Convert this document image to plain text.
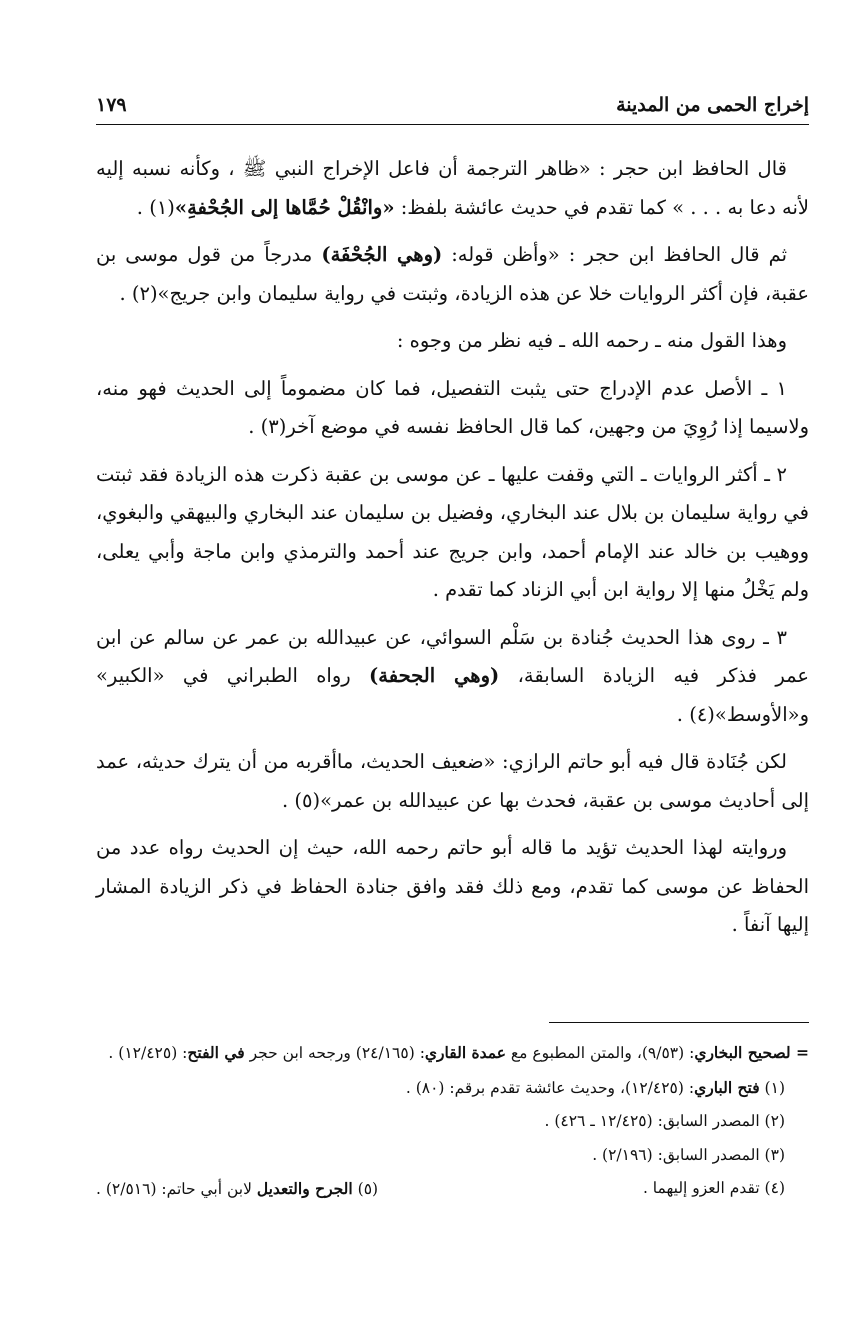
إخراج الحمى من المدينة
١٧٩

قال الحافظ ابن حجر : «ظاهر الترجمة أن فاعل الإخراج النبي ﷺ ، وكأنه نسبه إليه لأنه دعا به . . . » كما تقدم في حديث عائشة بلفظ: «وانْقُلْ حُمَّاها إلى الجُحْفةِ»(١) .

ثم قال الحافظ ابن حجر : «وأظن قوله: (وهي الجُحْفَة) مدرجاً من قول موسى بن عقبة، فإن أكثر الروايات خلا عن هذه الزيادة، وثبتت في رواية سليمان وابن جريج»(٢) .

وهذا القول منه ـ رحمه الله ـ فيه نظر من وجوه :

١ ـ الأصل عدم الإدراج حتى يثبت التفصيل، فما كان مضموماً إلى الحديث فهو منه، ولاسيما إذا رُوِيَ من وجهين، كما قال الحافظ نفسه في موضع آخر(٣) .

٢ ـ أكثر الروايات ـ التي وقفت عليها ـ عن موسى بن عقبة ذكرت هذه الزيادة فقد ثبتت في رواية سليمان بن بلال عند البخاري، وفضيل بن سليمان عند البخاري والبيهقي والبغوي، ووهيب بن خالد عند الإمام أحمد، وابن جريج عند أحمد والترمذي وابن ماجة وأبي يعلى، ولم يَخْلُ منها إلا رواية ابن أبي الزناد كما تقدم .

٣ ـ روى هذا الحديث جُنادة بن سَلْم السوائي، عن عبيدالله بن عمر عن سالم عن ابن عمر فذكر فيه الزيادة السابقة، (وهي الجحفة) رواه الطبراني في «الكبير» و«الأوسط»(٤) .

لكن جُنَادة قال فيه أبو حاتم الرازي: «ضعيف الحديث، ماأقربه من أن يترك حديثه، عمد إلى أحاديث موسى بن عقبة، فحدث بها عن عبيدالله بن عمر»(٥) .

وروايته لهذا الحديث تؤيد ما قاله أبو حاتم رحمه الله، حيث إن الحديث رواه عدد من الحفاظ عن موسى كما تقدم، ومع ذلك فقد وافق جنادة الحفاظ في ذكر الزيادة المشار إليها آنفاً .

= لصحيح البخاري: (٩/٥٣)، والمتن المطبوع مع عمدة القاري: (٢٤/١٦٥) ورجحه ابن حجر في الفتح: (١٢/٤٢٥) .

(١) فتح الباري: (١٢/٤٢٥)، وحديث عائشة تقدم برقم: (٨٠) .

(٢) المصدر السابق: (١٢/٤٢٥ ـ ٤٢٦) .

(٣) المصدر السابق: (٢/١٩٦) .

(٤) تقدم العزو إليهما .
(٥) الجرح والتعديل لابن أبي حاتم: (٢/٥١٦) .
